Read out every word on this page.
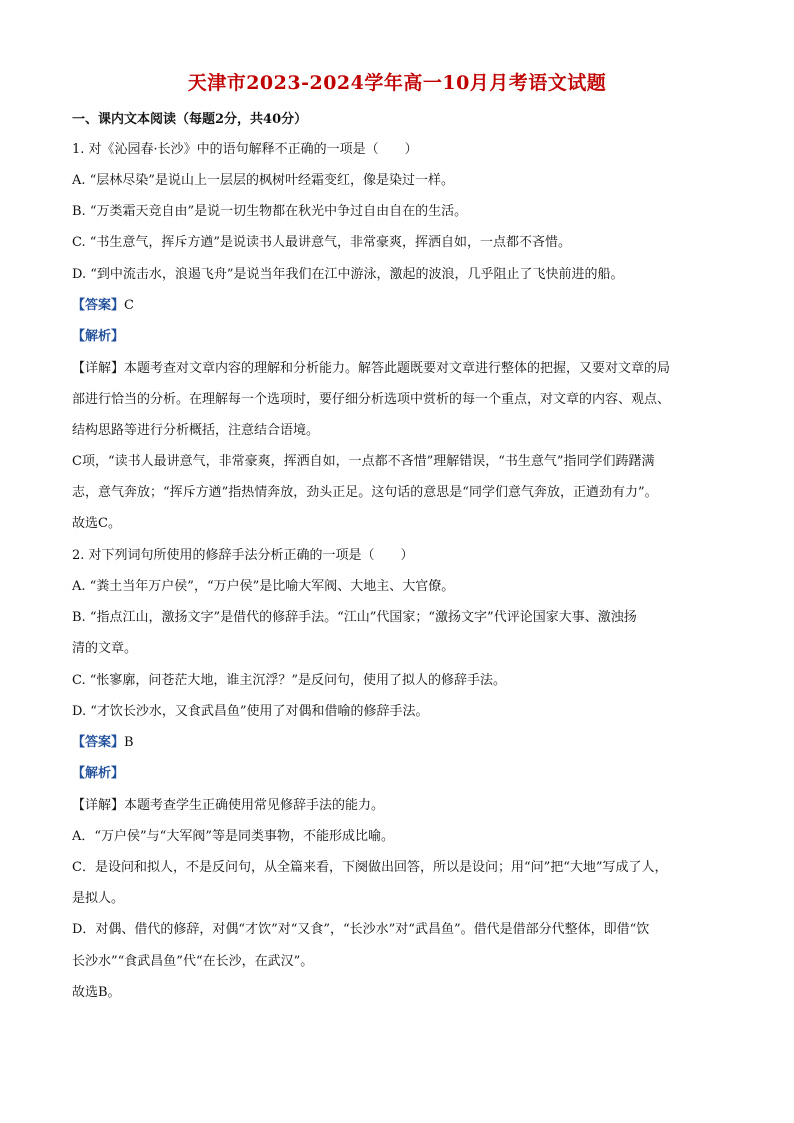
天津市2023-2024学年高一10月月考语文试题
一、课内文本阅读（每题2分，共40分）
1. 对《沁园春·长沙》中的语句解释不正确的一项是（　　）
A. “层林尽染”是说山上一层层的枫树叶经霜变红，像是染过一样。
B. “万类霜天竞自由”是说一切生物都在秋光中争过自由自在的生活。
C. “书生意气，挥斥方遒”是说读书人最讲意气，非常豪爽，挥洒自如，一点都不吝惜。
D. “到中流击水，浪遏飞舟”是说当年我们在江中游泳，激起的波浪，几乎阻止了飞快前进的船。
【答案】C
【解析】
【详解】本题考查对文章内容的理解和分析能力。解答此题既要对文章进行整体的把握，又要对文章的局
部进行恰当的分析。在理解每一个选项时，要仔细分析选项中赏析的每一个重点，对文章的内容、观点、
结构思路等进行分析概括，注意结合语境。
C项，“读书人最讲意气，非常豪爽，挥洒自如，一点都不吝惜”理解错误，“书生意气”指同学们踌躇满
志，意气奔放；“挥斥方遒”指热情奔放，劲头正足。这句话的意思是“同学们意气奔放，正遒劲有力”。
故选C。
2. 对下列词句所使用的修辞手法分析正确的一项是（　　）
A. “粪土当年万户侯”，“万户侯”是比喻大军阀、大地主、大官僚。
B. “指点江山，激扬文字”是借代的修辞手法。“江山”代国家；“激扬文字”代评论国家大事、激浊扬
清的文章。
C. “怅寥廓，问苍茫大地，谁主沉浮？”是反问句，使用了拟人的修辞手法。
D. “才饮长沙水，又食武昌鱼”使用了对偶和借喻的修辞手法。
【答案】B
【解析】
【详解】本题考查学生正确使用常见修辞手法的能力。
A．“万户侯”与“大军阀”等是同类事物，不能形成比喻。
C．是设问和拟人，不是反问句，从全篇来看，下阕做出回答，所以是设问；用“问”把“大地”写成了人，
是拟人。
D．对偶、借代的修辞，对偶“才饮”对“又食”，“长沙水”对“武昌鱼”。借代是借部分代整体，即借“饮
长沙水”“食武昌鱼”代“在长沙，在武汉”。
故选B。
